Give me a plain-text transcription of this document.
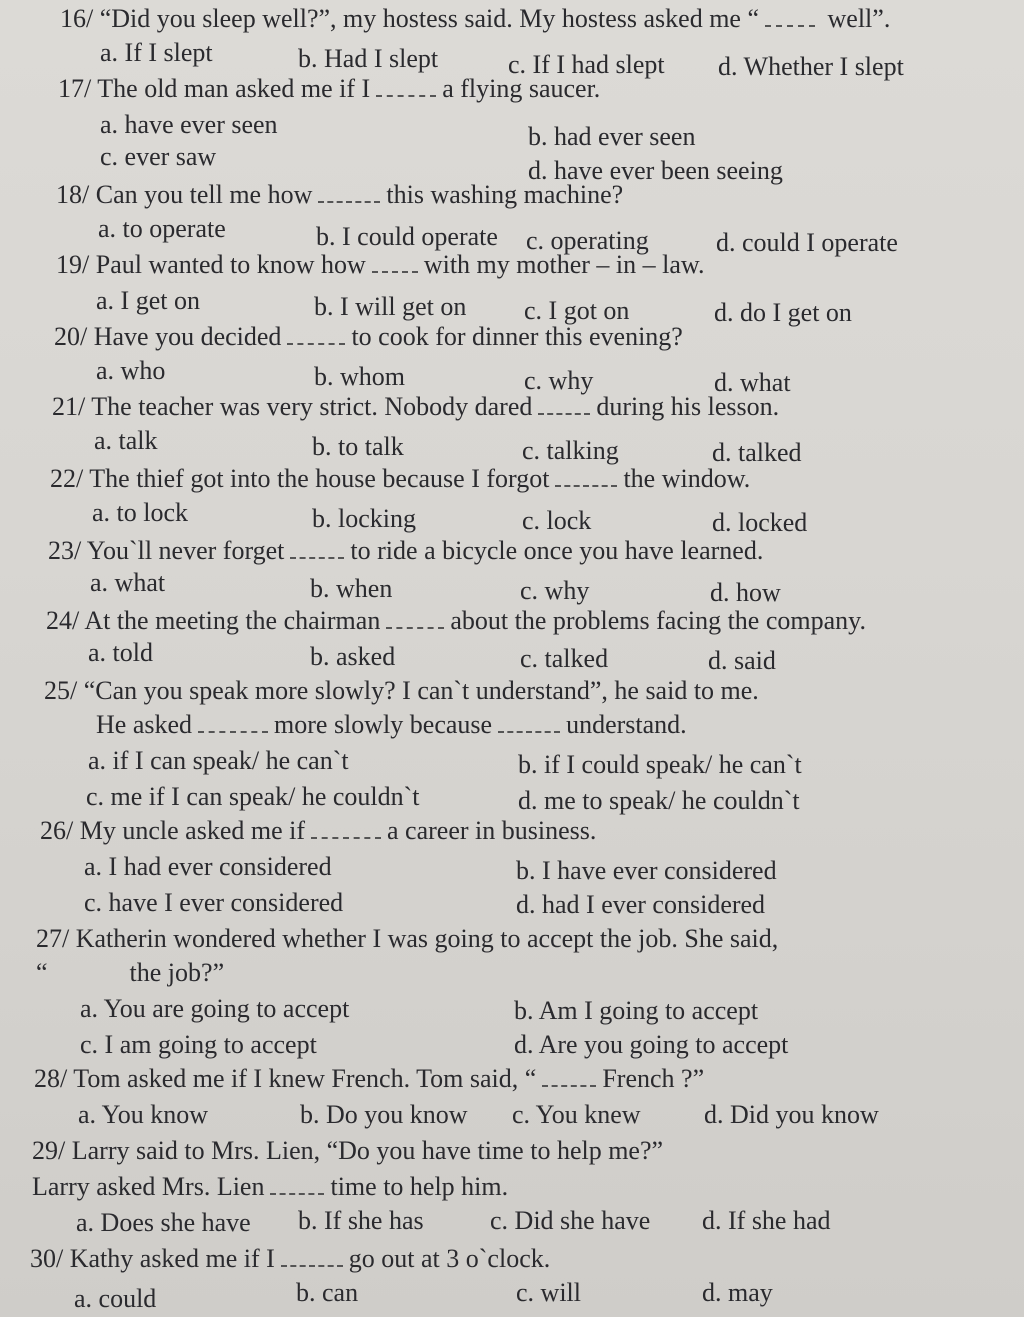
16/ “Did you sleep well?”, my hostess said. My hostess asked me “ well”.
a. If I slept	b. Had I slept	c. If I had slept d. Whether I slept
17/ The old man asked me if I	a flying saucer.
a. have ever seen	b. had ever seen
c. ever saw	d. have ever been seeing
18/ Can you tell me how	this washing machine?
a. to operate	b. I could operate c. operating	d. could I operate
19/ Paul wanted to know how with my mother – in – law.
a. I get on	b. I will get on c. I got on	d. do I get on
20/ Have you decided	to cook for dinner this evening?
a. who	b. whom	c. why	d. what
21/ The teacher was very strict. Nobody dared during his lesson.
a. talk	b. to talk	c. talking	d. talked
22/ The thief got into the house because I forgot	the window.
a. to lock	b. locking	c. lock	d. locked
23/ You`ll never forget	to ride a bicycle once you have learned.
a. what	b. when	c. why	d. how
24/ At the meeting the chairman	about the problems facing the company.
a. told	b. asked	c. talked	d. said
25/ “Can you speak more slowly? I can`t understand”, he said to me.
He asked	more slowly because	understand.
a. if I can speak/ he can`t	b. if I could speak/ he can`t
c. me if I can speak/ he couldn`t	d. me to speak/ he couldn`t
26/ My uncle asked me if	a career in business.
a. I had ever considered	b. I have ever considered
c. have I ever considered	d. had I ever considered
27/ Katherin wondered whether I was going to accept the job. She said,
“	the job?”
a. You are going to accept	b. Am I going to accept
c. I am going to accept	d. Are you going to accept
28/ Tom asked me if I knew French. Tom said, “	French ?”
a. You know	b. Do you know c. You knew d. Did you know
29/ Larry said to Mrs. Lien, “Do you have time to help me?”
Larry asked Mrs. Lien	time to help him.
a. Does she have b. If she has	c. Did she have d. If she had
30/ Kathy asked me if I	go out at 3 o`clock.
a. could	b. can	c. will	d. may
